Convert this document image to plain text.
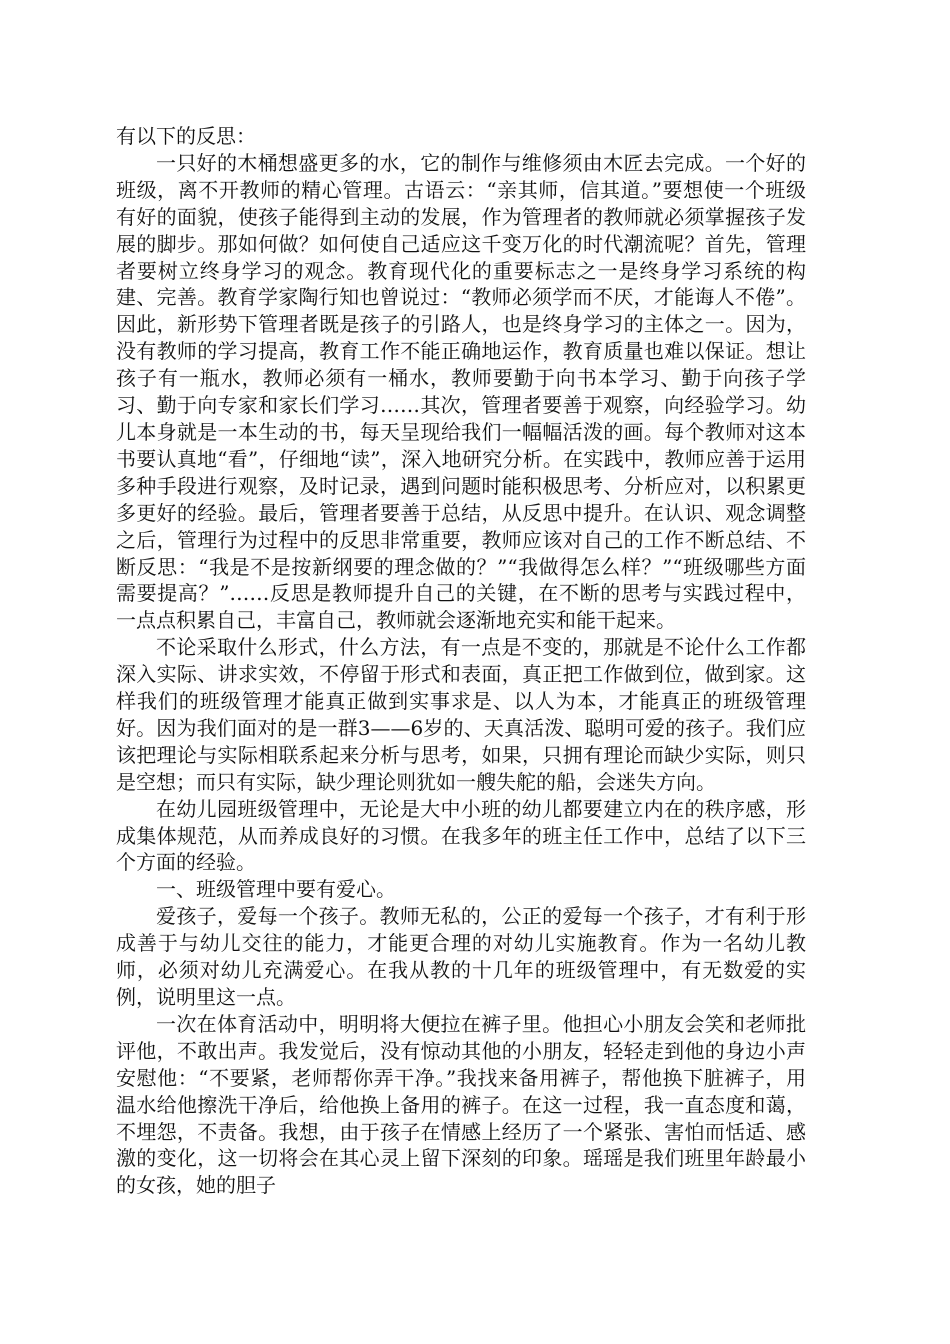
有以下的反思：

一只好的木桶想盛更多的水，它的制作与维修须由木匠去完成。一个好的班级，离不开教师的精心管理。古语云：“亲其师，信其道。”要想使一个班级有好的面貌，使孩子能得到主动的发展，作为管理者的教师就必须掌握孩子发展的脚步。那如何做？如何使自己适应这千变万化的时代潮流呢？首先，管理者要树立终身学习的观念。教育现代化的重要标志之一是终身学习系统的构建、完善。教育学家陶行知也曾说过：“教师必须学而不厌，才能诲人不倦”。因此，新形势下管理者既是孩子的引路人，也是终身学习的主体之一。因为，没有教师的学习提高，教育工作不能正确地运作，教育质量也难以保证。想让孩子有一瓶水，教师必须有一桶水，教师要勤于向书本学习、勤于向孩子学习、勤于向专家和家长们学习……其次，管理者要善于观察，向经验学习。幼儿本身就是一本生动的书，每天呈现给我们一幅幅活泼的画。每个教师对这本书要认真地“看”，仔细地“读”，深入地研究分析。在实践中，教师应善于运用多种手段进行观察，及时记录，遇到问题时能积极思考、分析应对，以积累更多更好的经验。最后，管理者要善于总结，从反思中提升。在认识、观念调整之后，管理行为过程中的反思非常重要，教师应该对自己的工作不断总结、不断反思：“我是不是按新纲要的理念做的？”“我做得怎么样？”“班级哪些方面需要提高？”……反思是教师提升自己的关键，在不断的思考与实践过程中，一点点积累自己，丰富自己，教师就会逐渐地充实和能干起来。

不论采取什么形式，什么方法，有一点是不变的，那就是不论什么工作都深入实际、讲求实效，不停留于形式和表面，真正把工作做到位，做到家。这样我们的班级管理才能真正做到实事求是、以人为本，才能真正的班级管理好。因为我们面对的是一群3——6岁的、天真活泼、聪明可爱的孩子。我们应该把理论与实际相联系起来分析与思考，如果，只拥有理论而缺少实际，则只是空想；而只有实际，缺少理论则犹如一艘失舵的船，会迷失方向。

在幼儿园班级管理中，无论是大中小班的幼儿都要建立内在的秩序感，形成集体规范，从而养成良好的习惯。在我多年的班主任工作中，总结了以下三个方面的经验。

一、班级管理中要有爱心。

爱孩子，爱每一个孩子。教师无私的，公正的爱每一个孩子，才有利于形成善于与幼儿交往的能力，才能更合理的对幼儿实施教育。作为一名幼儿教师，必须对幼儿充满爱心。在我从教的十几年的班级管理中，有无数爱的实例，说明里这一点。

一次在体育活动中，明明将大便拉在裤子里。他担心小朋友会笑和老师批评他，不敢出声。我发觉后，没有惊动其他的小朋友，轻轻走到他的身边小声安慰他：“不要紧，老师帮你弄干净。”我找来备用裤子，帮他换下脏裤子，用温水给他擦洗干净后，给他换上备用的裤子。在这一过程，我一直态度和蔼，不埋怨，不责备。我想，由于孩子在情感上经历了一个紧张、害怕而恬适、感激的变化，这一切将会在其心灵上留下深刻的印象。瑶瑶是我们班里年龄最小的女孩，她的胆子
